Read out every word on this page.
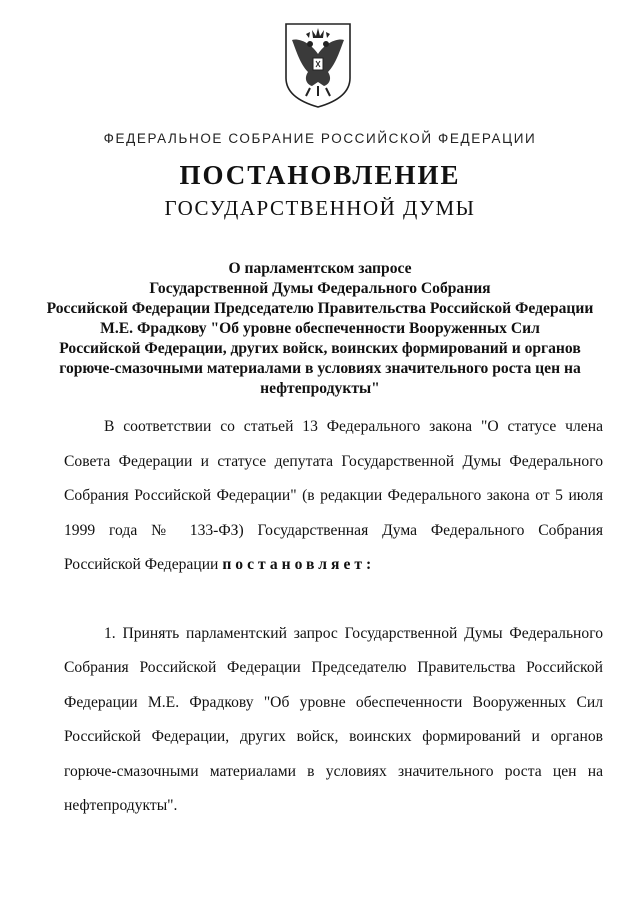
ФЕДЕРАЛЬНОЕ СОБРАНИЕ РОССИЙСКОЙ ФЕДЕРАЦИИ
ПОСТАНОВЛЕНИЕ
ГОСУДАРСТВЕННОЙ ДУМЫ
О парламентском запросе
Государственной Думы Федерального Собрания
Российской Федерации Председателю Правительства Российской Федерации
М.Е. Фрадкову "Об уровне обеспеченности Вооруженных Сил
Российской Федерации, других войск, воинских формирований и органов
горюче-смазочными материалами в условиях значительного роста цен на
нефтепродукты"

В соответствии со статьей 13 Федерального закона "О статусе члена Совета Федерации и статусе депутата Государственной Думы Федерального Собрания Российской Федерации" (в редакции Федерального закона от 5 июля 1999 года № 133-ФЗ) Государственная Дума Федерального Собрания Российской Федерации постановляет:

1. Принять парламентский запрос Государственной Думы Федерального Собрания Российской Федерации Председателю Правительства Российской Федерации М.Е. Фрадкову "Об уровне обеспеченности Вооруженных Сил Российской Федерации, других войск, воинских формирований и органов горюче-смазочными материалами в условиях значительного роста цен на нефтепродукты".
